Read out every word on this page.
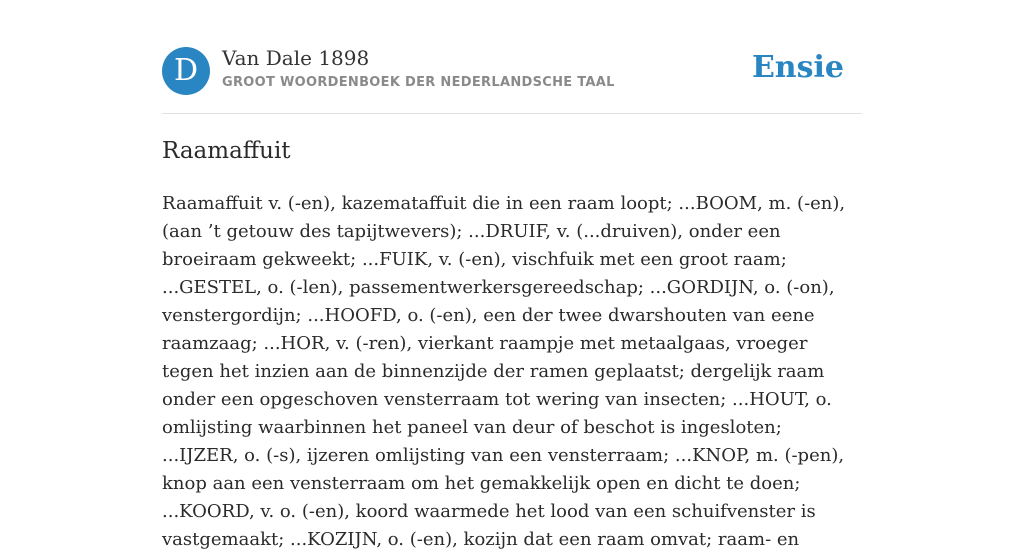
D	Van Dale 1898
GROOT WOORDENBOEK DER NEDERLANDSCHE TAAL	Ensie
Raamaffuit
Raamaffuit v. (-en), kazemataffuit die in een raam loopt; ...BOOM, m. (-en), (aan ’t getouw des tapijtwevers); ...DRUIF, v. (...druiven), onder een broeiraam gekweekt; ...FUIK, v. (-en), vischfuik met een groot raam; ...GESTEL, o. (-len), passementwerkersgereedschap; ...GORDIJN, o. (-on), venstergordijn; ...HOOFD, o. (-en), een der twee dwarshouten van eene raamzaag; ...HOR, v. (-ren), vierkant raampje met metaalgaas, vroeger tegen het inzien aan de binnenzijde der ramen geplaatst; dergelijk raam onder een opgeschoven vensterraam tot wering van insecten; ...HOUT, o. omlijsting waarbinnen het paneel van deur of beschot is ingesloten; ...IJZER, o. (-s), ijzeren omlijsting van een vensterraam; ...KNOP, m. (-pen), knop aan een vensterraam om het gemakkelijk open en dicht te doen; ...KOORD, v. o. (-en), koord waarmede het lood van een schuifvenster is vastgemaakt; ...KOZIJN, o. (-en), kozijn dat een raam omvat; raam- en
